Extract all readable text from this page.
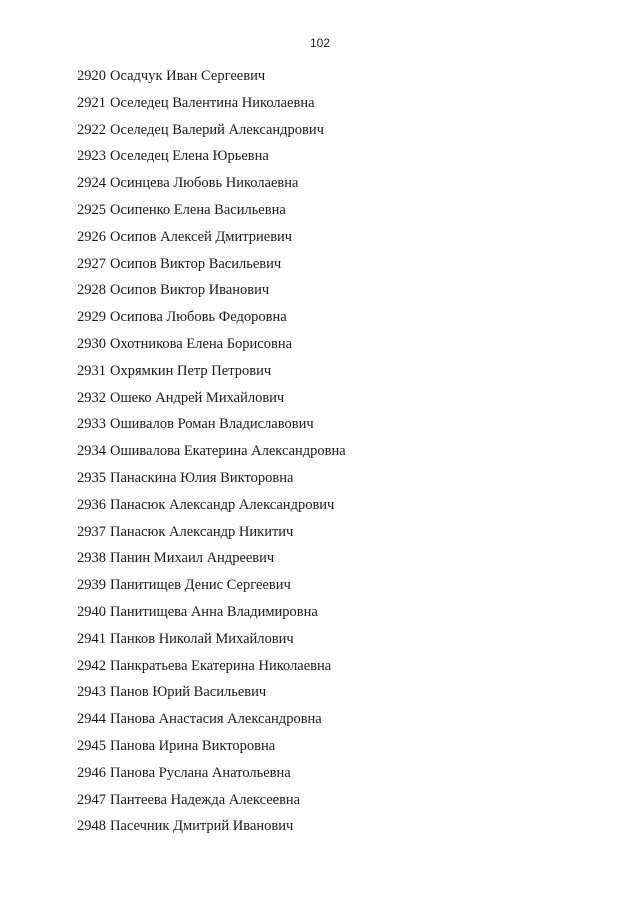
102
2920 Осадчук Иван Сергеевич
2921 Оселедец Валентина Николаевна
2922 Оселедец Валерий Александрович
2923 Оселедец Елена Юрьевна
2924 Осинцева Любовь Николаевна
2925 Осипенко Елена Васильевна
2926 Осипов Алексей Дмитриевич
2927 Осипов Виктор Васильевич
2928 Осипов Виктор Иванович
2929 Осипова Любовь Федоровна
2930 Охотникова Елена Борисовна
2931 Охрямкин Петр Петрович
2932 Ошеко Андрей Михайлович
2933 Ошивалов Роман Владиславович
2934 Ошивалова Екатерина Александровна
2935 Панаскина Юлия Викторовна
2936 Панасюк Александр Александрович
2937 Панасюк Александр Никитич
2938 Панин Михаил Андреевич
2939 Панитищев Денис Сергеевич
2940 Панитищева Анна Владимировна
2941 Панков Николай Михайлович
2942 Панкратьева Екатерина Николаевна
2943 Панов Юрий Васильевич
2944 Панова Анастасия Александровна
2945 Панова Ирина Викторовна
2946 Панова Руслана Анатольевна
2947 Пантеева Надежда Алексеевна
2948 Пасечник Дмитрий Иванович
